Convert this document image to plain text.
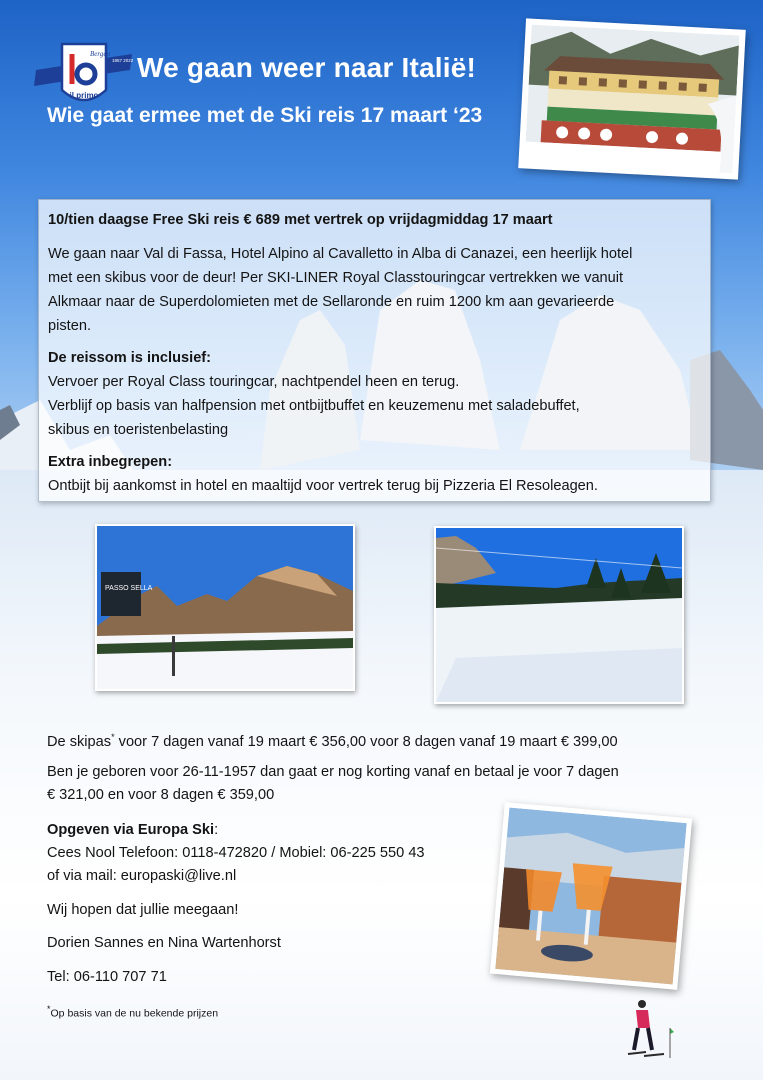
il primo
Bergen
1957 2022 We gaan weer naar Italië!
Wie gaat ermee met de Ski reis 17 maart ‘23

10/tien daagse Free Ski reis € 689 met vertrek op vrijdagmiddag 17 maart

We gaan naar Val di Fassa, Hotel Alpino al Cavalletto in Alba di Canazei, een heerlijk hotel

met een skibus voor de deur! Per SKI-LINER Royal Classtouringcar vertrekken we vanuit

Alkmaar naar de Superdolomieten met de Sellaronde en ruim 1200 km aan gevarieerde

pisten.

De reissom is inclusief:

Vervoer per Royal Class touringcar, nachtpendel heen en terug.

Verblijf op basis van halfpension met ontbijtbuffet en keuzemenu met saladebuffet,

skibus en toeristenbelasting

Extra inbegrepen:

Ontbijt bij aankomst in hotel en maaltijd voor vertrek terug bij Pizzeria El Resoleagen.

PASSO SELLA

De skipas* voor 7 dagen vanaf 19 maart € 356,00 voor 8 dagen vanaf 19 maart € 399,00

Ben je geboren voor 26-11-1957 dan gaat er nog korting vanaf en betaal je voor 7 dagen

€ 321,00 en voor 8 dagen € 359,00

Opgeven via Europa Ski:

Cees Nool Telefoon: 0118-472820 / Mobiel: 06-225 550 43

of via mail: europaski@live.nl

Wij hopen dat jullie meegaan!

Dorien Sannes en Nina Wartenhorst

Tel: 06-110 707 71

*Op basis van de nu bekende prijzen
